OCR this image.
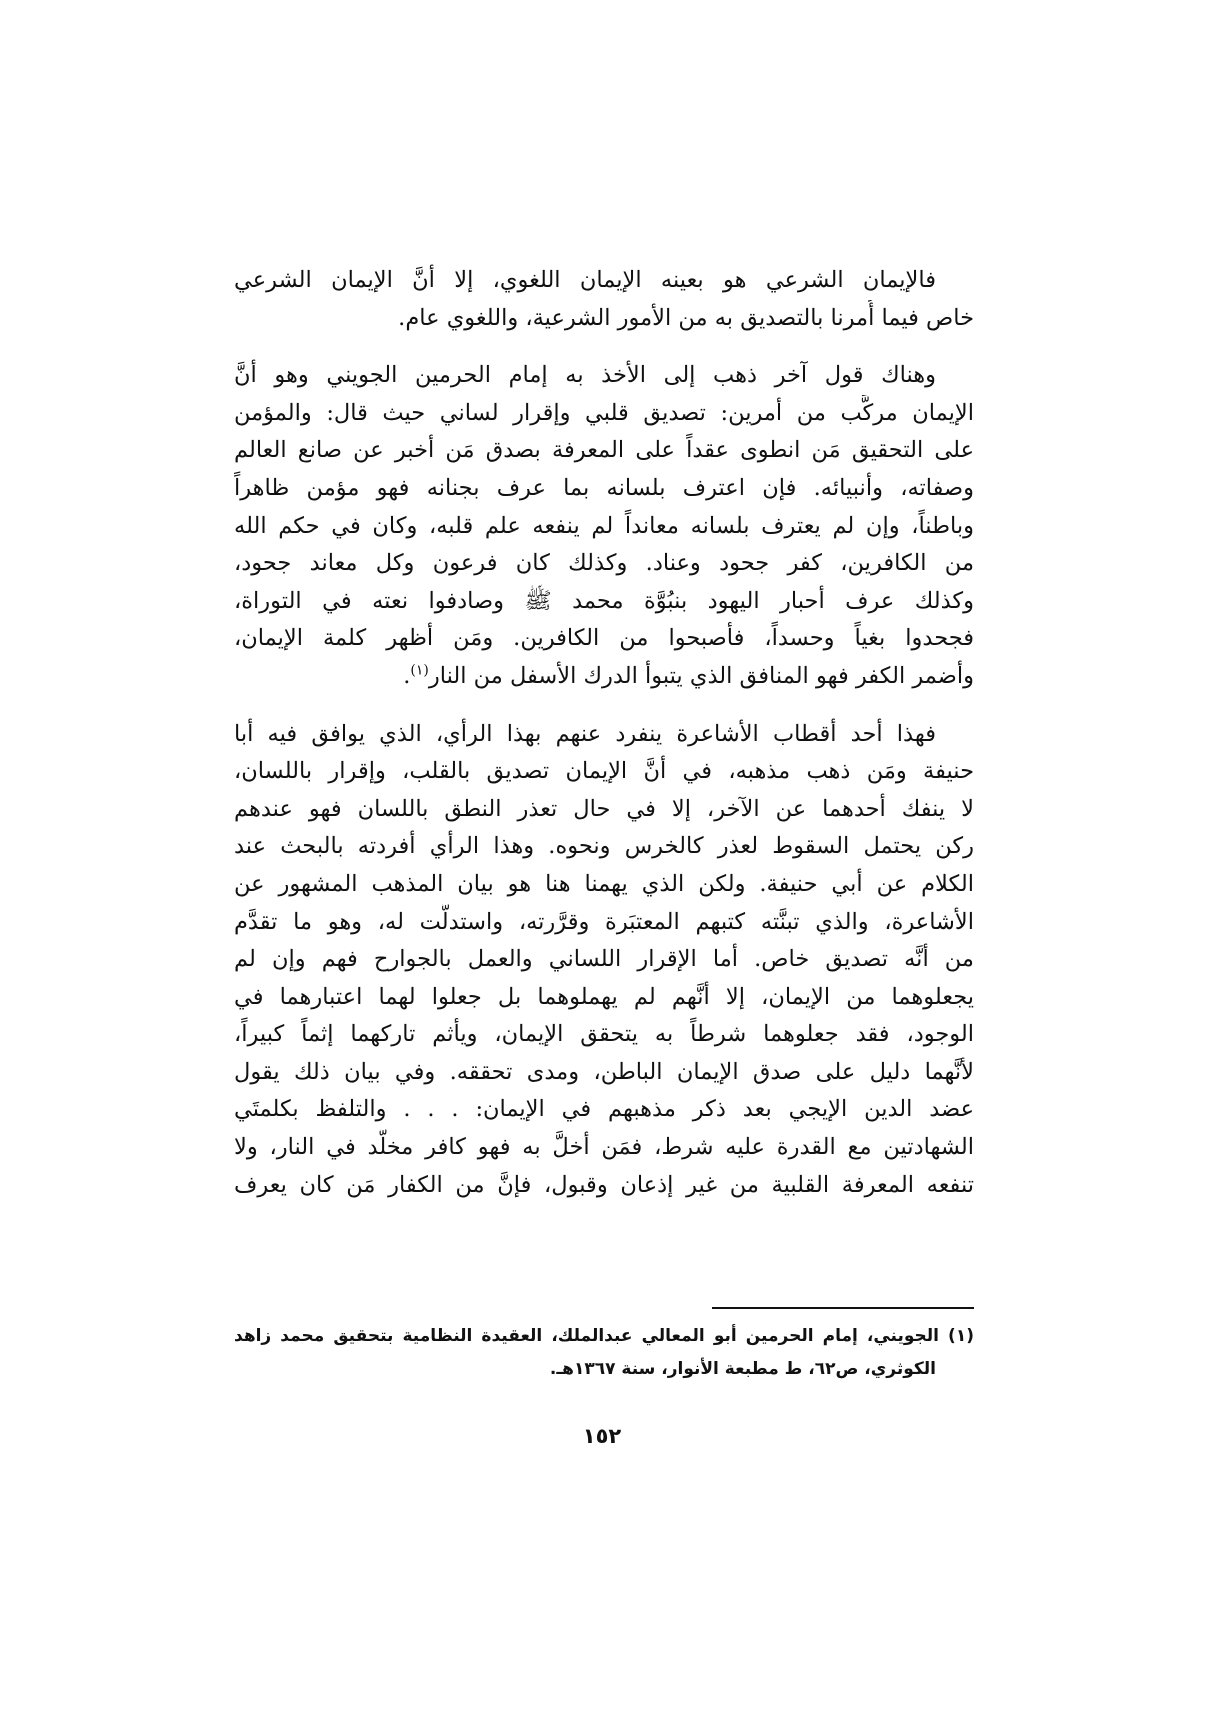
فالإيمان الشرعي هو بعينه الإيمان اللغوي، إلا أنَّ الإيمان الشرعي
خاص فيما أُمرنا بالتصديق به من الأمور الشرعية، واللغوي عام.

وهناك قول آخر ذهب إلى الأخذ به إمام الحرمين الجويني وهو أنَّ
الإيمان مركَّب من أمرين: تصديق قلبي وإقرار لساني حيث قال: والمؤمن
على التحقيق مَن انطوى عقداً على المعرفة بصدق مَن أخبر عن صانع العالم
وصفاته، وأنبيائه. فإن اعترف بلسانه بما عرف بجنانه فهو مؤمن ظاهراً
وباطناً، وإن لم يعترف بلسانه معانداً لم ينفعه علم قلبه، وكان في حكم الله
من الكافرين، كفر جحود وعناد. وكذلك كان فرعون وكل معاند جحود،
وكذلك عرف أحبار اليهود بنبُوَّة محمد ﷺ وصادفوا نعته في التوراة،
فجحدوا بغياً وحسداً، فأصبحوا من الكافرين. ومَن أظهر كلمة الإيمان،
وأضمر الكفر فهو المنافق الذي يتبوأ الدرك الأسفل من النار$^{(١)}$.

فهذا أحد أقطاب الأشاعرة ينفرد عنهم بهذا الرأي، الذي يوافق فيه أبا
حنيفة ومَن ذهب مذهبه، في أنَّ الإيمان تصديق بالقلب، وإقرار باللسان،
لا ينفك أحدهما عن الآخر، إلا في حال تعذر النطق باللسان فهو عندهم
ركن يحتمل السقوط لعذر كالخرس ونحوه. وهذا الرأي أفردته بالبحث عند
الكلام عن أبي حنيفة. ولكن الذي يهمنا هنا هو بيان المذهب المشهور عن
الأشاعرة، والذي تبنَّته كتبهم المعتبَرة وقرَّرته، واستدلَّت له، وهو ما تقدَّم
من أنَّه تصديق خاص. أما الإقرار اللساني والعمل بالجوارح فهم وإن لم
يجعلوهما من الإيمان، إلا أنَّهم لم يهملوهما بل جعلوا لهما اعتبارهما في
الوجود، فقد جعلوهما شرطاً به يتحقق الإيمان، ويأثم تاركهما إثماً كبيراً،
لأنَّهما دليل على صدق الإيمان الباطن، ومدى تحققه. وفي بيان ذلك يقول
عضد الدين الإيجي بعد ذكر مذهبهم في الإيمان: . . . والتلفظ بكلمتَي
الشهادتين مع القدرة عليه شرط، فمَن أخلَّ به فهو كافر مخلَّد في النار، ولا
تنفعه المعرفة القلبية من غير إذعان وقبول، فإنَّ من الكفار مَن كان يعرف

(١) الجويني، إمام الحرمين أبو المعالي عبدالملك، العقيدة النظامية بتحقيق محمد زاهد
الكوثري، ص٦٢، ط مطبعة الأنوار، سنة ١٣٦٧هـ.
١٥٢
